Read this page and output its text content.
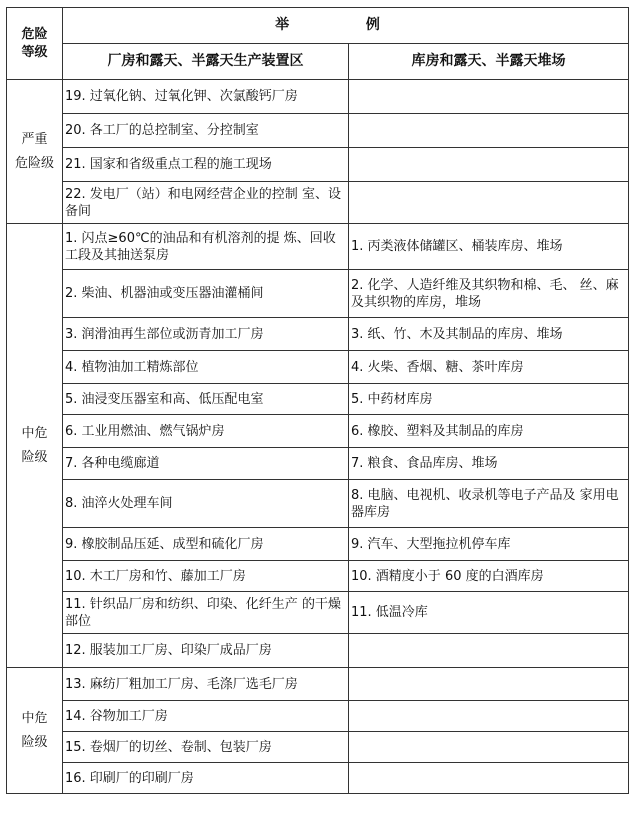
危险
等级	举 例	
	厂房和露天、半露天生产装置区	库房和露天、半露天堆场
严重
危险级	19. 过氧化钠、过氧化钾、次氯酸钙厂房	
	20. 各工厂的总控制室、分控制室	
	21. 国家和省级重点工程的施工现场	
	22. 发电厂（站）和电网经营企业的控制 室、设备间	
中危
险级	1. 闪点≥60℃的油品和有机溶剂的提 炼、回收工段及其抽送泵房	1. 丙类液体储罐区、桶装库房、堆场
	2. 柴油、机器油或变压器油灌桶间	2. 化学、人造纤维及其织物和棉、毛、 丝、麻及其织物的库房，堆场
	3. 润滑油再生部位或沥青加工厂房	3. 纸、竹、木及其制品的库房、堆场
	4. 植物油加工精炼部位	4. 火柴、香烟、糖、茶叶库房
	5. 油浸变压器室和高、低压配电室	5. 中药材库房
	6. 工业用燃油、燃气锅炉房	6. 橡胶、塑料及其制品的库房
	7. 各种电缆廊道	7. 粮食、食品库房、堆场
	8. 油淬火处理车间	8. 电脑、电视机、收录机等电子产品及 家用电器库房
	9. 橡胶制品压延、成型和硫化厂房	9. 汽车、大型拖拉机停车库
	10. 木工厂房和竹、藤加工厂房	10. 酒精度小于 60 度的白酒库房
	11. 针织品厂房和纺织、印染、化纤生产 的干燥部位	11. 低温冷库
	12. 服装加工厂房、印染厂成品厂房	
中危
险级	13. 麻纺厂粗加工厂房、毛涤厂选毛厂房	
	14. 谷物加工厂房	
	15. 卷烟厂的切丝、卷制、包装厂房	
	16. 印刷厂的印刷厂房	
